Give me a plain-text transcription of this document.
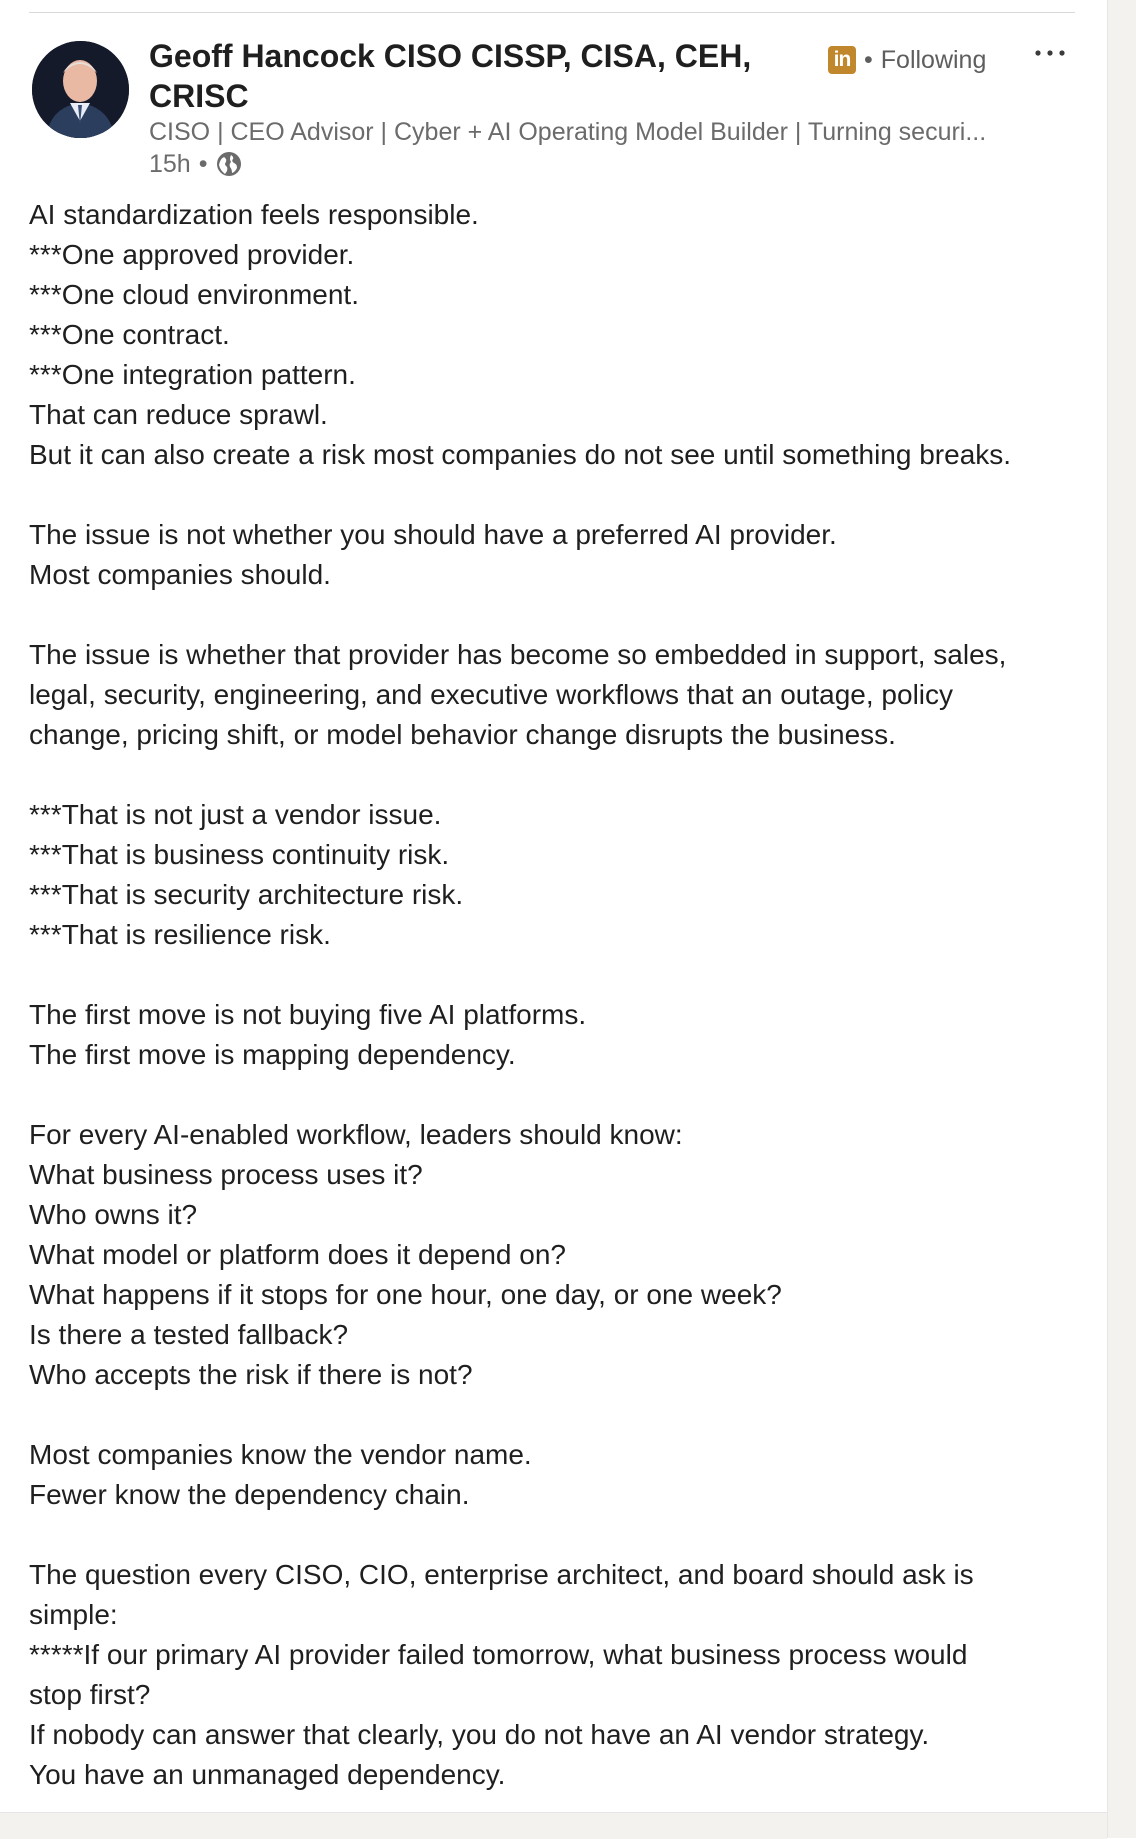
Geoff Hancock CISO CISSP, CISA, CEH, CRISC
in • Following
CISO | CEO Advisor | Cyber + AI Operating Model Builder | Turning securi...
15h •
AI standardization feels responsible.
***One approved provider.
***One cloud environment.
***One contract.
***One integration pattern.
That can reduce sprawl.
But it can also create a risk most companies do not see until something breaks.
The issue is not whether you should have a preferred AI provider.
Most companies should.
The issue is whether that provider has become so embedded in support, sales,
legal, security, engineering, and executive workflows that an outage, policy
change, pricing shift, or model behavior change disrupts the business.
***That is not just a vendor issue.
***That is business continuity risk.
***That is security architecture risk.
***That is resilience risk.
The first move is not buying five AI platforms.
The first move is mapping dependency.
For every AI-enabled workflow, leaders should know:
What business process uses it?
Who owns it?
What model or platform does it depend on?
What happens if it stops for one hour, one day, or one week?
Is there a tested fallback?
Who accepts the risk if there is not?
Most companies know the vendor name.
Fewer know the dependency chain.
The question every CISO, CIO, enterprise architect, and board should ask is
simple:
*****If our primary AI provider failed tomorrow, what business process would
stop first?
If nobody can answer that clearly, you do not have an AI vendor strategy.
You have an unmanaged dependency.
